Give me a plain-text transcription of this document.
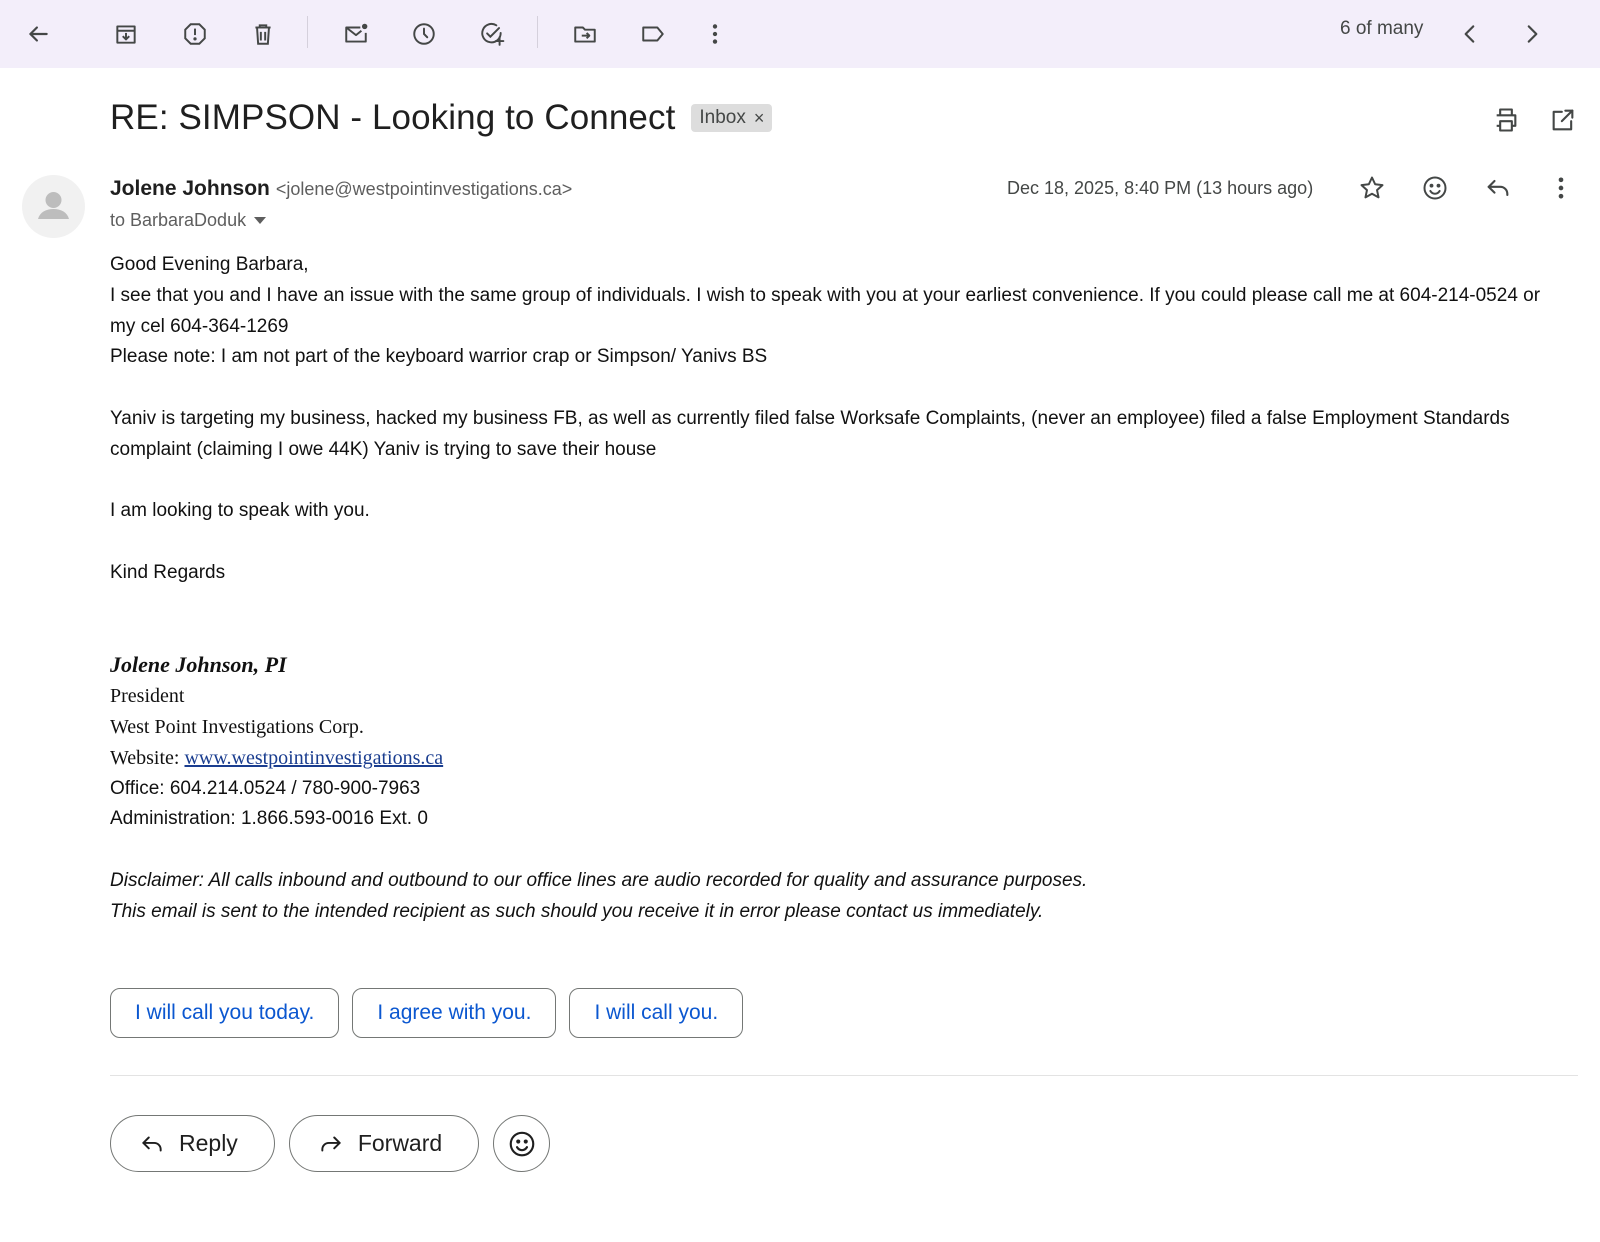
6 of many
RE: SIMPSON - Looking to Connect Inbox ×
Jolene Johnson <jolene@westpointinvestigations.ca>
to BarbaraDoduk
Dec 18, 2025, 8:40 PM (13 hours ago)

Good Evening Barbara,

I see that you and I have an issue with the same group of individuals. I wish to speak with you at your earliest convenience. If you could please call me at 604-214-0524 or my cel 604-364-1269

Please note: I am not part of the keyboard warrior crap or Simpson/ Yanivs BS

Yaniv is targeting my business, hacked my business FB, as well as currently filed false Worksafe Complaints, (never an employee) filed a false Employment Standards complaint (claiming I owe 44K) Yaniv is trying to save their house

I am looking to speak with you.

Kind Regards

Jolene Johnson, PI

President

West Point Investigations Corp.

Website: www.westpointinvestigations.ca

Office: 604.214.0524 / 780-900-7963

Administration: 1.866.593-0016 Ext. 0

Disclaimer: All calls inbound and outbound to our office lines are audio recorded for quality and assurance purposes.

This email is sent to the intended recipient as such should you receive it in error please contact us immediately.

I will call you today.	I agree with you.	I will call you.
Reply	Forward
